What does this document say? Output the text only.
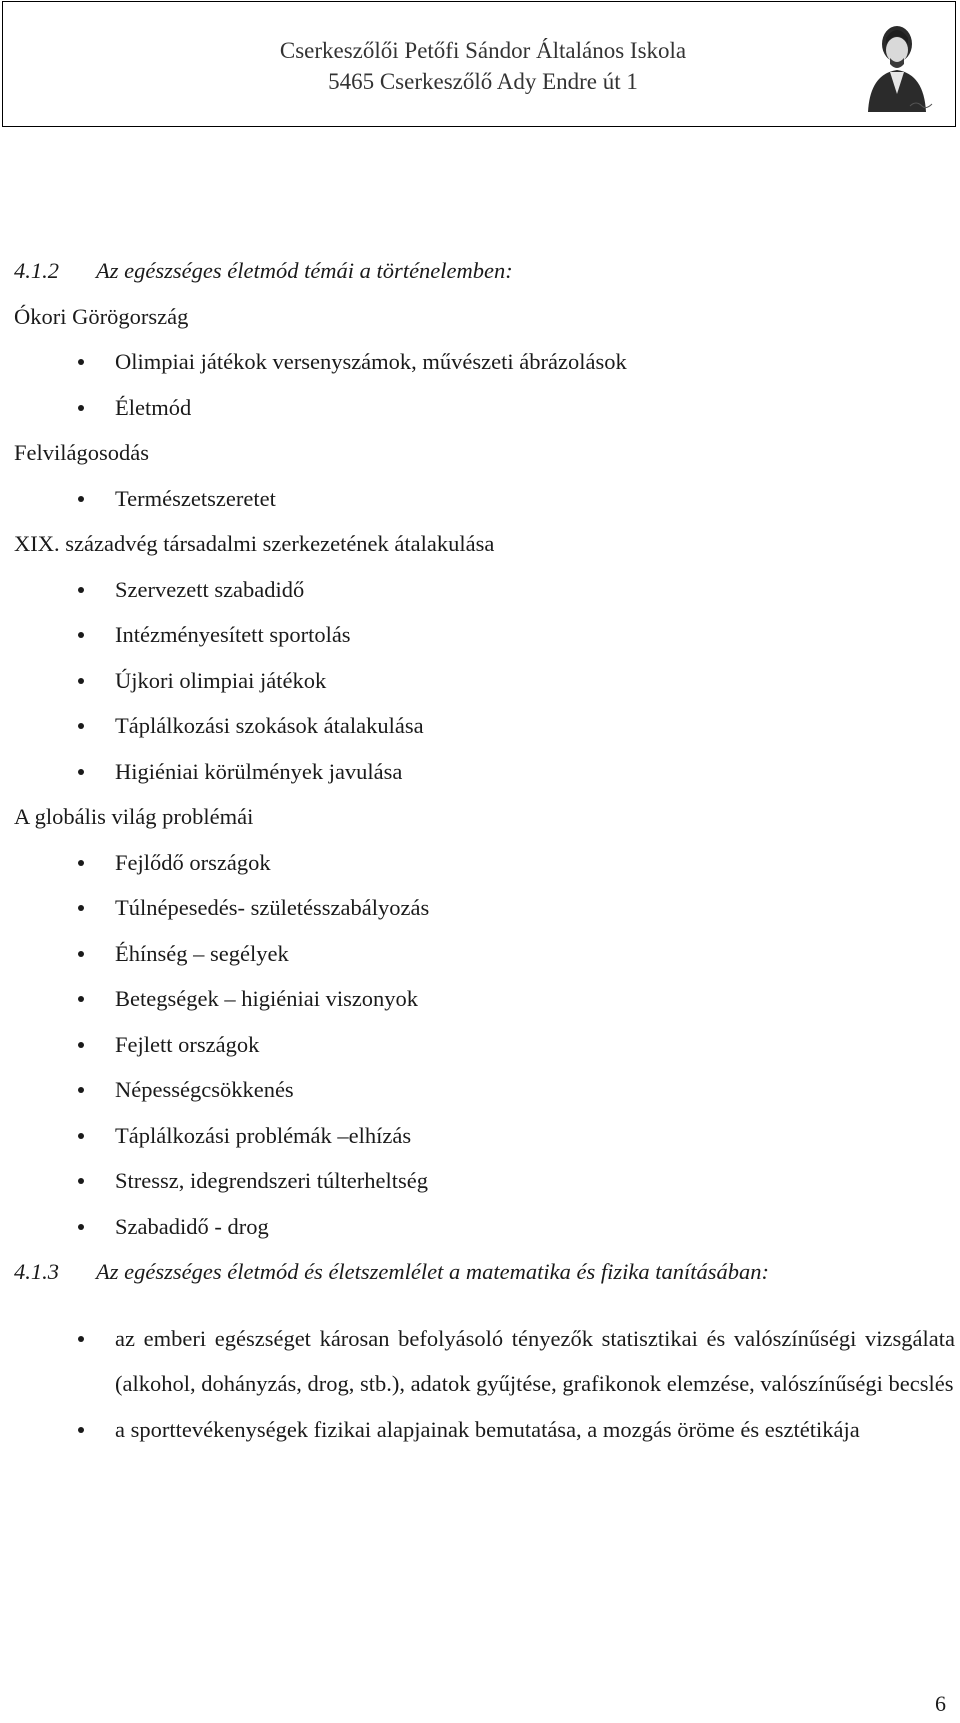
Cserkeszőlői Petőfi Sándor Általános Iskola
5465 Cserkeszőlő Ady Endre út 1
4.1.2 Az egészséges életmód témái a történelemben:
Ókori Görögország
Olimpiai játékok versenyszámok, művészeti ábrázolások
Életmód
Felvilágosodás
Természetszeretet
XIX. századvég társadalmi szerkezetének átalakulása
Szervezett szabadidő
Intézményesített sportolás
Újkori olimpiai játékok
Táplálkozási szokások átalakulása
Higiéniai körülmények javulása
A globális világ problémái
Fejlődő országok
Túlnépesedés- születésszabályozás
Éhínség – segélyek
Betegségek – higiéniai viszonyok
Fejlett országok
Népességcsökkenés
Táplálkozási problémák –elhízás
Stressz, idegrendszeri túlterheltség
Szabadidő - drog
4.1.3 Az egészséges életmód és életszemlélet a matematika és fizika tanításában:
az emberi egészséget károsan befolyásoló tényezők statisztikai és valószínűségi vizsgálata (alkohol, dohányzás, drog, stb.), adatok gyűjtése, grafikonok elemzése, valószínűségi becslés
a sporttevékenységek fizikai alapjainak bemutatása, a mozgás öröme és esztétikája
6
